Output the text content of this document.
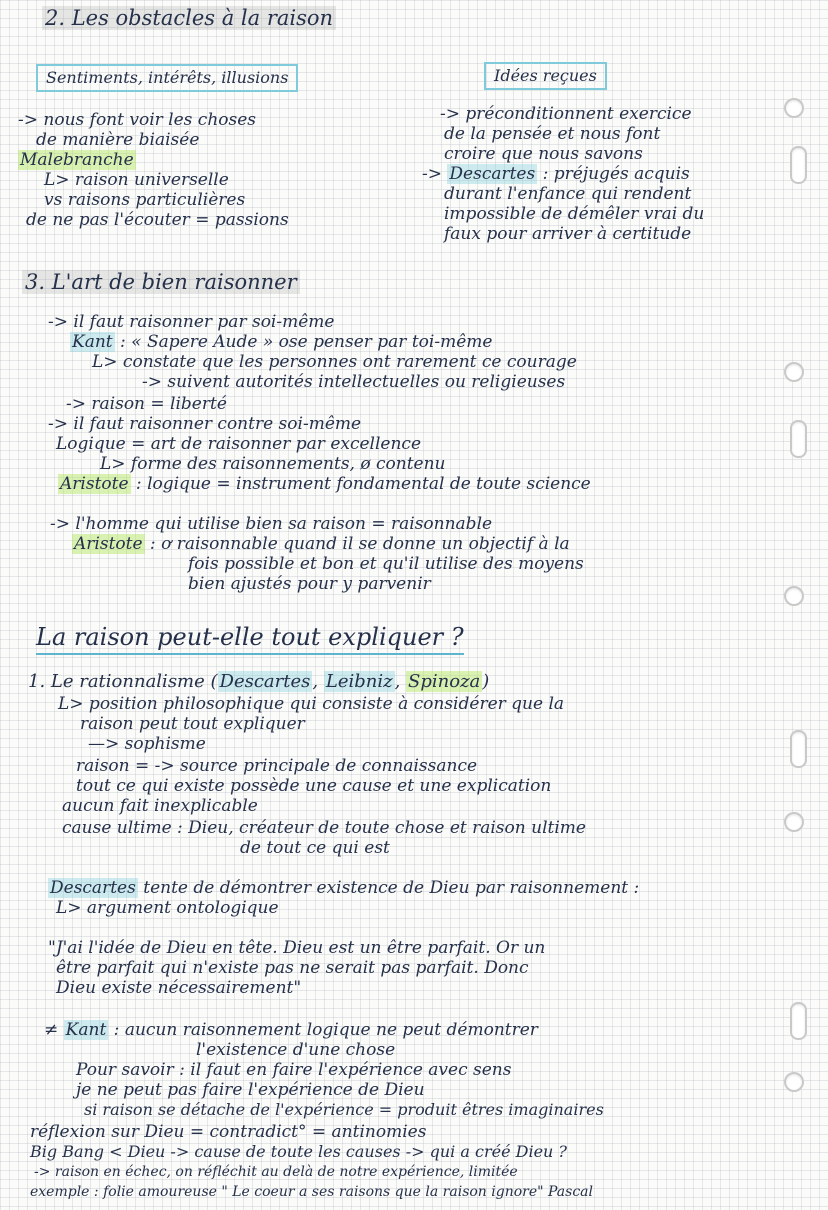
2. Les obstacles à la raison
Sentiments, intérêts, illusions	Idées reçues
-> nous font voir les choses
de manière biaisée
Malebranche
L> raison universelle
vs raisons particulières
de ne pas l'écouter = passions
-> préconditionnent exercice
de la pensée et nous font
croire que nous savons
-> Descartes : préjugés acquis
durant l'enfance qui rendent
impossible de démêler vrai du
faux pour arriver à certitude
3. L'art de bien raisonner
-> il faut raisonner par soi-même
Kant : « Sapere Aude » ose penser par toi-même
L> constate que les personnes ont rarement ce courage
-> suivent autorités intellectuelles ou religieuses
-> raison = liberté
-> il faut raisonner contre soi-même
Logique = art de raisonner par excellence
L> forme des raisonnements, ø contenu
Aristote : logique = instrument fondamental de toute science
-> l'homme qui utilise bien sa raison = raisonnable
Aristote : ơ raisonnable quand il se donne un objectif à la
fois possible et bon et qu'il utilise des moyens
bien ajustés pour y parvenir
La raison peut-elle tout expliquer ?
1. Le rationnalisme ( Descartes , Leibniz , Spinoza )
L> position philosophique qui consiste à considérer que la
raison peut tout expliquer
—> sophisme
raison = -> source principale de connaissance
tout ce qui existe possède une cause et une explication
aucun fait inexplicable
cause ultime : Dieu, créateur de toute chose et raison ultime
de tout ce qui est
Descartes tente de démontrer existence de Dieu par raisonnement :
L> argument ontologique
"J'ai l'idée de Dieu en tête. Dieu est un être parfait. Or un
être parfait qui n'existe pas ne serait pas parfait. Donc
Dieu existe nécessairement"
≠ Kant : aucun raisonnement logique ne peut démontrer
l'existence d'une chose
Pour savoir : il faut en faire l'expérience avec sens
je ne peut pas faire l'expérience de Dieu
si raison se détache de l'expérience = produit êtres imaginaires
réflexion sur Dieu = contradict° = antinomies
Big Bang < Dieu -> cause de toute les causes -> qui a créé Dieu ?
-> raison en échec, on réfléchit au delà de notre expérience, limitée
exemple : folie amoureuse " Le coeur a ses raisons que la raison ignore" Pascal
